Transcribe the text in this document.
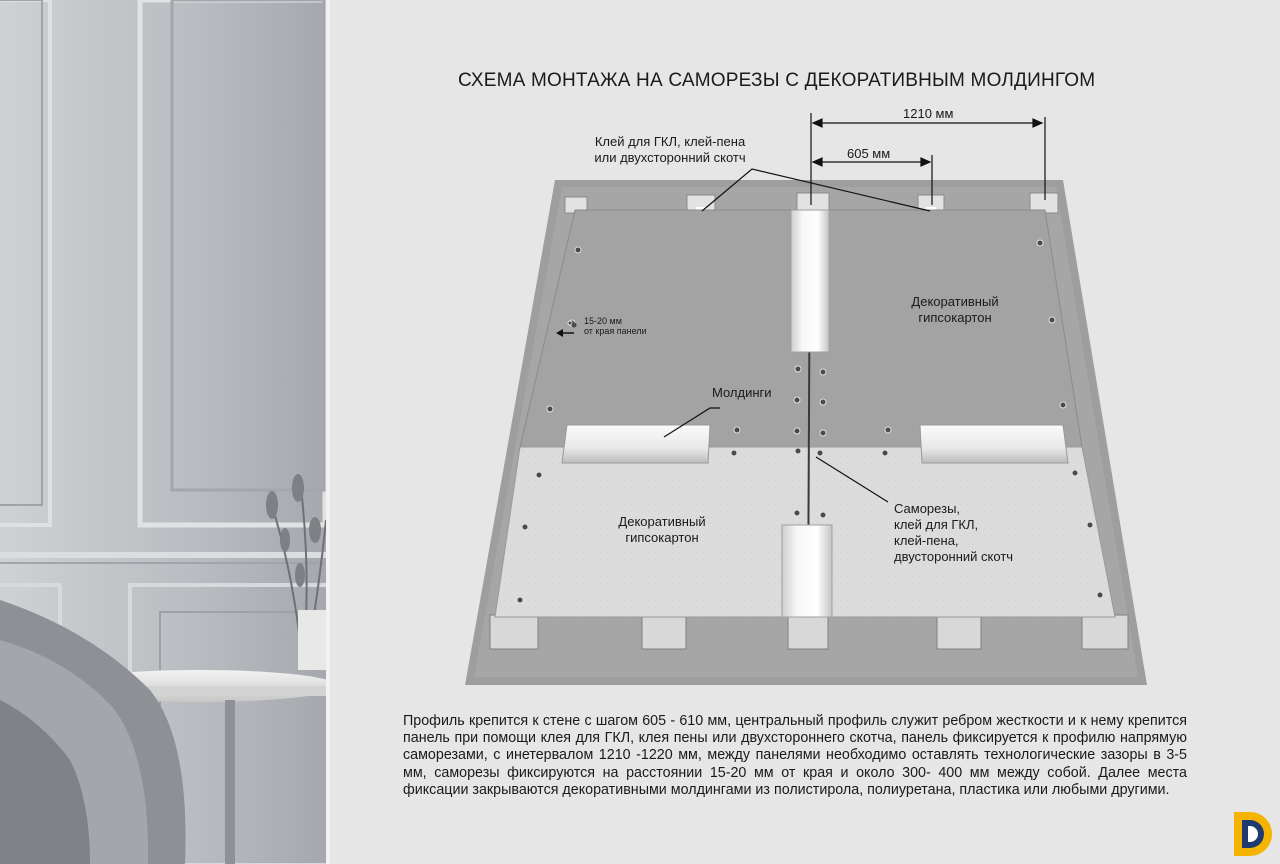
СХЕМА МОНТАЖА НА САМОРЕЗЫ С ДЕКОРАТИВНЫМ МОЛДИНГОМ
1210 мм
605 мм
Клей для ГКЛ, клей-пена
или двухсторонний скотч
Декоративный
гипсокартон
15-20 мм
от края панели
Молдинги
Декоративный
гипсокартон
Саморезы,
клей для ГКЛ,
клей-пена,
двусторонний скотч
Профиль крепится к стене с шагом 605 - 610 мм, центральный профиль служит ребром жесткости и к нему крепится панель при помощи клея для ГКЛ, клея пены или двухстороннего скотча, панель фиксируется к профилю напрямую саморезами, с инетервалом 1210 -1220 мм, между панелями необходимо оставлять технологические зазоры в 3-5 мм, саморезы фиксируются на расстоянии 15-20 мм от края и около 300- 400 мм между собой. Далее места фиксации закрываются декоративными молдингами из полистирола, полиуретана, пластика или любыми другими.
